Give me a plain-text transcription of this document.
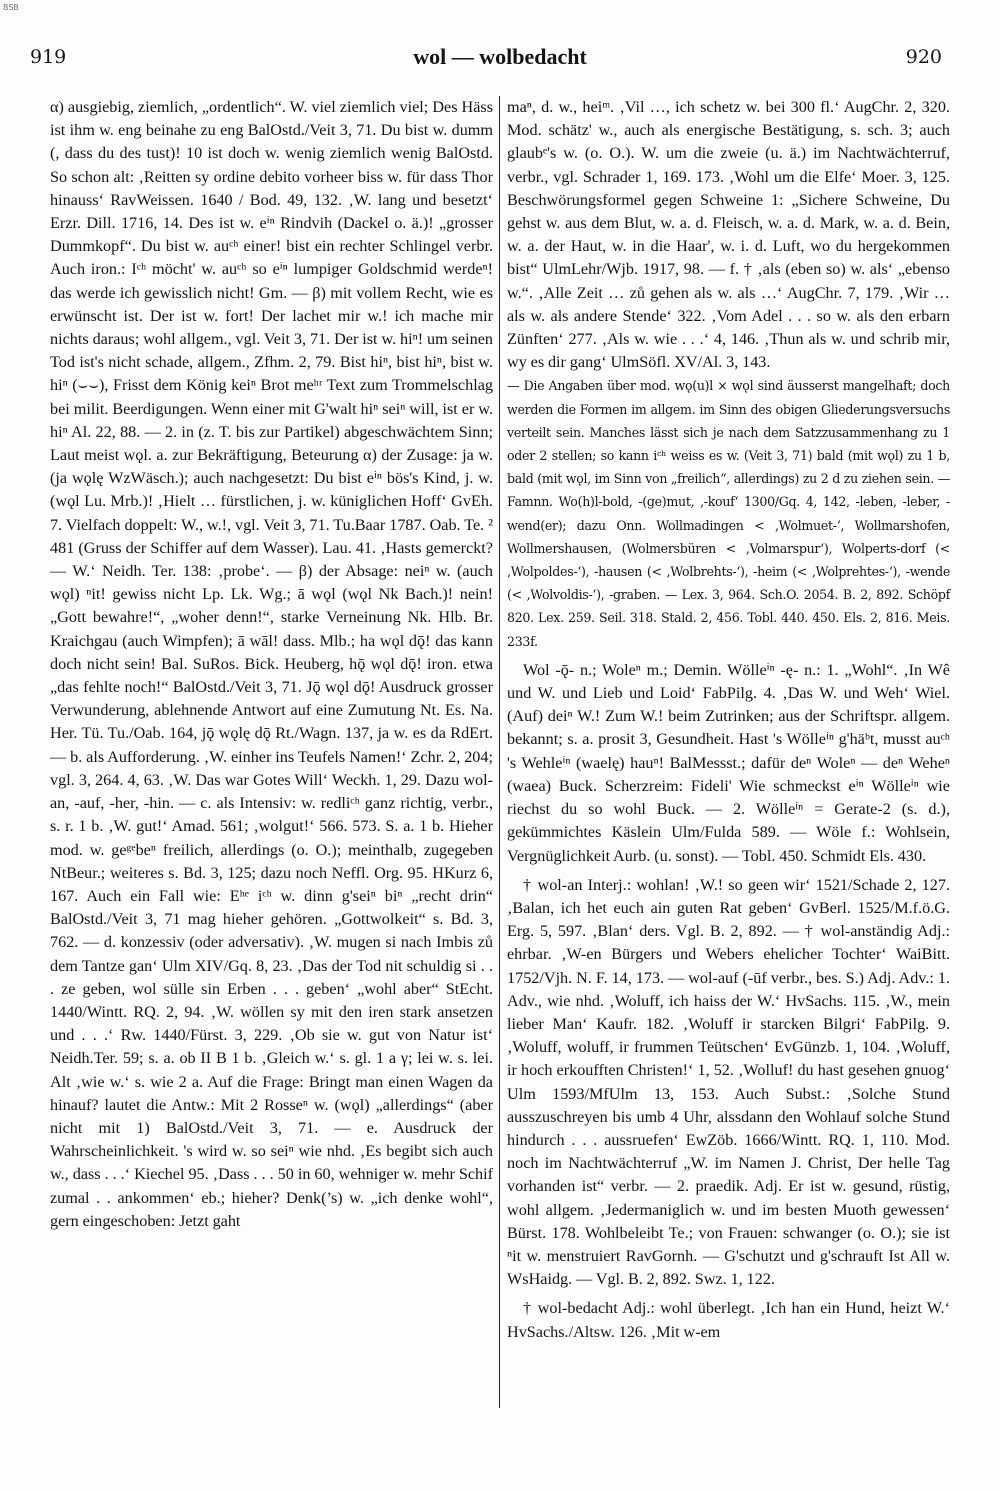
BSB
919	wol — wolbedacht	920

α) ausgiebig, ziemlich, „ordentlich“. W. viel ziemlich viel; Des Häss ist ihm w. eng beinahe zu eng BalOstd./Veit 3, 71. Du bist w. dumm (, dass du des tust)! 10 ist doch w. wenig ziemlich wenig BalOstd. So schon alt: ‚Reitten sy ordine debito vorheer biss w. für dass Thor hinauss‘ RavWeissen. 1640 / Bod. 49, 132. ‚W. lang und besetzt‘ Erzr. Dill. 1716, 14. Des ist w. eⁱⁿ Rindvih (Dackel o. ä.)! „grosser Dummkopf“. Du bist w. auᶜʰ einer! bist ein rechter Schlingel verbr. Auch iron.: Iᶜʰ möcht' w. auᶜʰ so eⁱⁿ lumpiger Goldschmid werdeⁿ! das werde ich gewisslich nicht! Gm. — β) mit vollem Recht, wie es erwünscht ist. Der ist w. fort! Der lachet mir w.! ich mache mir nichts daraus; wohl allgem., vgl. Veit 3, 71. Der ist w. hiⁿ! um seinen Tod ist's nicht schade, allgem., Zfhm. 2, 79. Bist hiⁿ, bist hiⁿ, bist w. hiⁿ (⌣⌣), Frisst dem König keiⁿ Brot meʰʳ Text zum Trommelschlag bei milit. Beerdigungen. Wenn einer mit G'walt hiⁿ seiⁿ will, ist er w. hiⁿ Al. 22, 88. — 2. in (z. T. bis zur Partikel) abgeschwächtem Sinn; Laut meist wǫl. a. zur Bekräftigung, Beteurung α) der Zusage: ja w. (ja wǫlę WzWäsch.); auch nachgesetzt: Du bist eⁱⁿ bös's Kind, j. w. (wǫl Lu. Mrb.)! ‚Hielt … fürstlichen, j. w. küniglichen Hoff‘ GvEh. 7. Vielfach doppelt: W., w.!, vgl. Veit 3, 71. Tu.Baar 1787. Oab. Te. ² 481 (Gruss der Schiffer auf dem Wasser). Lau. 41. ‚Hasts gemerckt? — W.‘ Neidh. Ter. 138: ‚probe‘. — β) der Absage: neiⁿ w. (auch wǫl) ⁿit! gewiss nicht Lp. Lk. Wg.; ā wǫl (wǫl Nk Bach.)! nein! „Gott bewahre!“, „woher denn!“, starke Verneinung Nk. Hlb. Br. Kraichgau (auch Wimpfen); ā wāl! dass. Mlb.; ha wǫl dǭ! das kann doch nicht sein! Bal. SuRos. Bick. Heuberg, hǭ wǫl dǭ! iron. etwa „das fehlte noch!“ BalOstd./Veit 3, 71. Jǭ wǫl dǭ! Ausdruck grosser Verwunderung, ablehnende Antwort auf eine Zumutung Nt. Es. Na. Her. Tü. Tu./Oab. 164, jǭ wǫlę dǭ Rt./Wagn. 137, ja w. es da RdErt. — b. als Aufforderung. ‚W. einher ins Teufels Namen!‘ Zchr. 2, 204; vgl. 3, 264. 4, 63. ‚W. Das war Gotes Will‘ Weckh. 1, 29. Dazu wol-an, -auf, -her, -hin. — c. als Intensiv: w. redliᶜʰ ganz richtig, verbr., s. r. 1 b. ‚W. gut!‘ Amad. 561; ‚wolgut!‘ 566. 573. S. a. 1 b. Hieher mod. w. geᵍᵉbeⁿ freilich, allerdings (o. O.); meinthalb, zugegeben NtBeur.; weiteres s. Bd. 3, 125; dazu noch Neffl. Org. 95. HKurz 6, 167. Auch ein Fall wie: Eʰᵉ iᶜʰ w. dinn g'seiⁿ biⁿ „recht drin“ BalOstd./Veit 3, 71 mag hieher gehören. „Gottwolkeit“ s. Bd. 3, 762. — d. konzessiv (oder adversativ). ‚W. mugen si nach Imbis zů dem Tantze gan‘ Ulm XIV/Gq. 8, 23. ‚Das der Tod nit schuldig si . . . ze geben, wol sülle sin Erben . . . geben‘ „wohl aber“ StEcht. 1440/Wintt. RQ. 2, 94. ‚W. wöllen sy mit den iren stark ansetzen und . . .‘ Rw. 1440/Fürst. 3, 229. ‚Ob sie w. gut von Natur ist‘ Neidh.Ter. 59; s. a. ob II B 1 b. ‚Gleich w.‘ s. gl. 1 a γ; lei w. s. lei. Alt ‚wie w.‘ s. wie 2 a. Auf die Frage: Bringt man einen Wagen da hinauf? lautet die Antw.: Mit 2 Rosseⁿ w. (wǫl) „allerdings“ (aber nicht mit 1) BalOstd./Veit 3, 71. — e. Ausdruck der Wahrscheinlichkeit. 's wird w. so seiⁿ wie nhd. ‚Es begibt sich auch w., dass . . .‘ Kiechel 95. ‚Dass . . . 50 in 60, wehniger w. mehr Schif zumal . . ankommen‘ eb.; hieher? Denk(’s) w. „ich denke wohl“, gern eingeschoben: Jetzt gaht

maⁿ, d. w., heiᵐ. ‚Vil …, ich schetz w. bei 300 fl.‘ AugChr. 2, 320. Mod. schätz' w., auch als energische Bestätigung, s. sch. 3; auch glaubᵉ's w. (o. O.). W. um die zweie (u. ä.) im Nachtwächterruf, verbr., vgl. Schrader 1, 169. 173. ‚Wohl um die Elfe‘ Moer. 3, 125. Beschwörungsformel gegen Schweine 1: „Sichere Schweine, Du gehst w. aus dem Blut, w. a. d. Fleisch, w. a. d. Mark, w. a. d. Bein, w. a. der Haut, w. in die Haar', w. i. d. Luft, wo du hergekommen bist“ UlmLehr/Wjb. 1917, 98. — f. † ‚als (eben so) w. als‘ „ebenso w.“. ‚Alle Zeit … zů gehen als w. als …‘ AugChr. 7, 179. ‚Wir … als w. als andere Stende‘ 322. ‚Vom Adel . . . so w. als den erbarn Zünften‘ 277. ‚Als w. wie . . .‘ 4, 146. ‚Thun als w. und schrib mir, wy es dir gang‘ UlmSöfl. XV/Al. 3, 143.

— Die Angaben über mod. wǫ(u)l × wǫl sind äusserst mangelhaft; doch werden die Formen im allgem. im Sinn des obigen Gliederungsversuchs verteilt sein. Manches lässt sich je nach dem Satzzusammenhang zu 1 oder 2 stellen; so kann iᶜʰ weiss es w. (Veit 3, 71) bald (mit wǫl) zu 1 b, bald (mit wǫl, im Sinn von „freilich“, allerdings) zu 2 d zu ziehen sein. — Famnn. Wo(h)l-bold, -(ge)mut, ‚-kouf‘ 1300/Gq. 4, 142, -leben, -leber, -wend(er); dazu Onn. Wollmadingen < ‚Wolmuet-‘, Wollmarshofen, Wollmershausen, (Wolmersbüren < ‚Volmarspur‘), Wolperts-dorf (< ‚Wolpoldes-‘), -hausen (< ‚Wolbrehts-‘), -heim (< ‚Wolprehtes-‘), -wende (< ‚Wolvoldis-‘), -graben. — Lex. 3, 964. Sch.O. 2054. B. 2, 892. Schöpf 820. Lex. 259. Seil. 318. Stald. 2, 456. Tobl. 440. 450. Els. 2, 816. Meis. 233f.

Wol -ǭ- n.; Woleⁿ m.; Demin. Wölleⁱⁿ -ę- n.: 1. „Wohl“. ‚In Wê und W. und Lieb und Loid‘ FabPilg. 4. ‚Das W. und Weh‘ Wiel. (Auf) deiⁿ W.! Zum W.! beim Zutrinken; aus der Schriftspr. allgem. bekannt; s. a. prosit 3, Gesundheit. Hast 's Wölleⁱⁿ g'häᵇt, musst auᶜʰ 's Wehleⁱⁿ (waelę) hauⁿ! BalMessst.; dafür deⁿ Woleⁿ — deⁿ Weheⁿ (waea) Buck. Scherzreim: Fideli' Wie schmeckst eⁱⁿ Wölleⁱⁿ wie riechst du so wohl Buck. — 2. Wölleⁱⁿ = Gerate-2 (s. d.), gekümmichtes Käslein Ulm/Fulda 589. — Wöle f.: Wohlsein, Vergnüglichkeit Aurb. (u. sonst). — Tobl. 450. Schmidt Els. 430.

† wol-an Interj.: wohlan! ‚W.! so geen wir‘ 1521/Schade 2, 127. ‚Balan, ich het euch ain guten Rat geben‘ GvBerl. 1525/M.f.ö.G. Erg. 5, 597. ‚Blan‘ ders. Vgl. B. 2, 892. — † wol-anständig Adj.: ehrbar. ‚W-en Bürgers und Webers ehelicher Tochter‘ WaiBitt. 1752/Vjh. N. F. 14, 173. — wol-auf (-ūf verbr., bes. S.) Adj. Adv.: 1. Adv., wie nhd. ‚Woluff, ich haiss der W.‘ HvSachs. 115. ‚W., mein lieber Man‘ Kaufr. 182. ‚Woluff ir starcken Bilgri‘ FabPilg. 9. ‚Woluff, woluff, ir frummen Teütschen‘ EvGünzb. 1, 104. ‚Woluff, ir hoch erkoufften Christen!‘ 1, 52. ‚Wolluf! du hast gesehen gnuog‘ Ulm 1593/MfUlm 13, 153. Auch Subst.: ‚Solche Stund ausszuschreyen bis umb 4 Uhr, alssdann den Wohlauf solche Stund hindurch . . . aussruefen‘ EwZöb. 1666/Wintt. RQ. 1, 110. Mod. noch im Nachtwächterruf „W. im Namen J. Christ, Der helle Tag vorhanden ist“ verbr. — 2. praedik. Adj. Er ist w. gesund, rüstig, wohl allgem. ‚Jedermaniglich w. und im besten Muoth gewessen‘ Bürst. 178. Wohlbeleibt Te.; von Frauen: schwanger (o. O.); sie ist ⁿit w. menstruiert RavGornh. — G'schutzt und g'schrauft Ist All w. WsHaidg. — Vgl. B. 2, 892. Swz. 1, 122.

† wol-bedacht Adj.: wohl überlegt. ‚Ich han ein Hund, heizt W.‘ HvSachs./Altsw. 126. ‚Mit w-em
